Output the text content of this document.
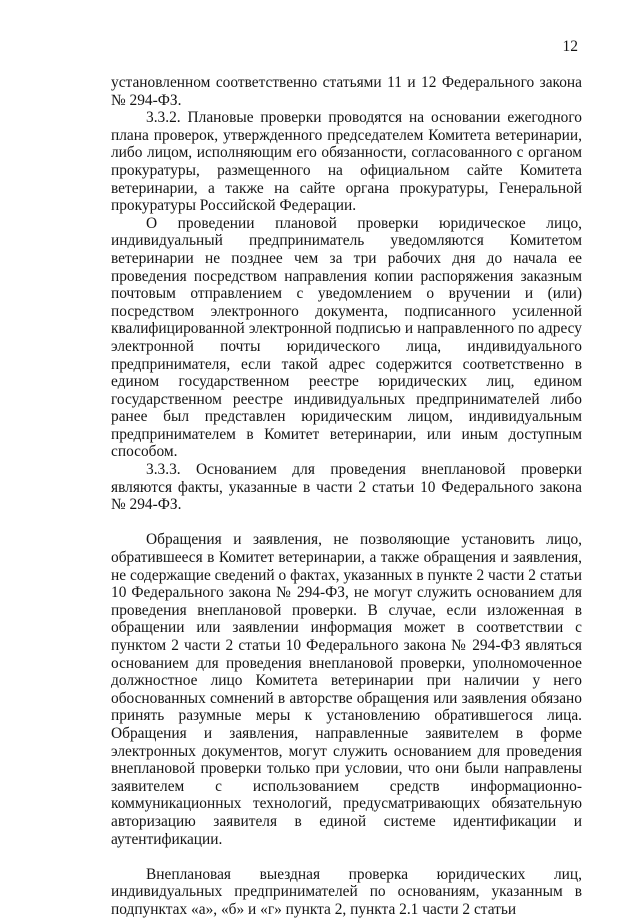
12

установленном соответственно статьями 11 и 12 Федерального закона № 294-ФЗ.

3.3.2. Плановые проверки проводятся на основании ежегодного плана проверок, утвержденного председателем Комитета ветеринарии, либо лицом, исполняющим его обязанности, согласованного с органом прокуратуры, размещенного на официальном сайте Комитета ветеринарии, а также на сайте органа прокуратуры, Генеральной прокуратуры Российской Федерации.

О проведении плановой проверки юридическое лицо, индивидуальный предприниматель уведомляются Комитетом ветеринарии не позднее чем за три рабочих дня до начала ее проведения посредством направления копии распоряжения заказным почтовым отправлением с уведомлением о вручении и (или) посредством электронного документа, подписанного усиленной квалифицированной электронной подписью и направленного по адресу электронной почты юридического лица, индивидуального предпринимателя, если такой адрес содержится соответственно в едином государственном реестре юридических лиц, едином государственном реестре индивидуальных предпринимателей либо ранее был представлен юридическим лицом, индивидуальным предпринимателем в Комитет ветеринарии, или иным доступным способом.

3.3.3. Основанием для проведения внеплановой проверки являются факты, указанные в части 2 статьи 10 Федерального закона № 294-ФЗ.

Обращения и заявления, не позволяющие установить лицо, обратившееся в Комитет ветеринарии, а также обращения и заявления, не содержащие сведений о фактах, указанных в пункте 2 части 2 статьи 10 Федерального закона № 294-ФЗ, не могут служить основанием для проведения внеплановой проверки. В случае, если изложенная в обращении или заявлении информация может в соответствии с пунктом 2 части 2 статьи 10 Федерального закона № 294-ФЗ являться основанием для проведения внеплановой проверки, уполномоченное должностное лицо Комитета ветеринарии при наличии у него обоснованных сомнений в авторстве обращения или заявления обязано принять разумные меры к установлению обратившегося лица. Обращения и заявления, направленные заявителем в форме электронных документов, могут служить основанием для проведения внеплановой проверки только при условии, что они были направлены заявителем с использованием средств информационно-коммуникационных технологий, предусматривающих обязательную авторизацию заявителя в единой системе идентификации и аутентификации.

Внеплановая выездная проверка юридических лиц, индивидуальных предпринимателей по основаниям, указанным в подпунктах «а», «б» и «г» пункта 2, пункта 2.1 части 2 статьи
